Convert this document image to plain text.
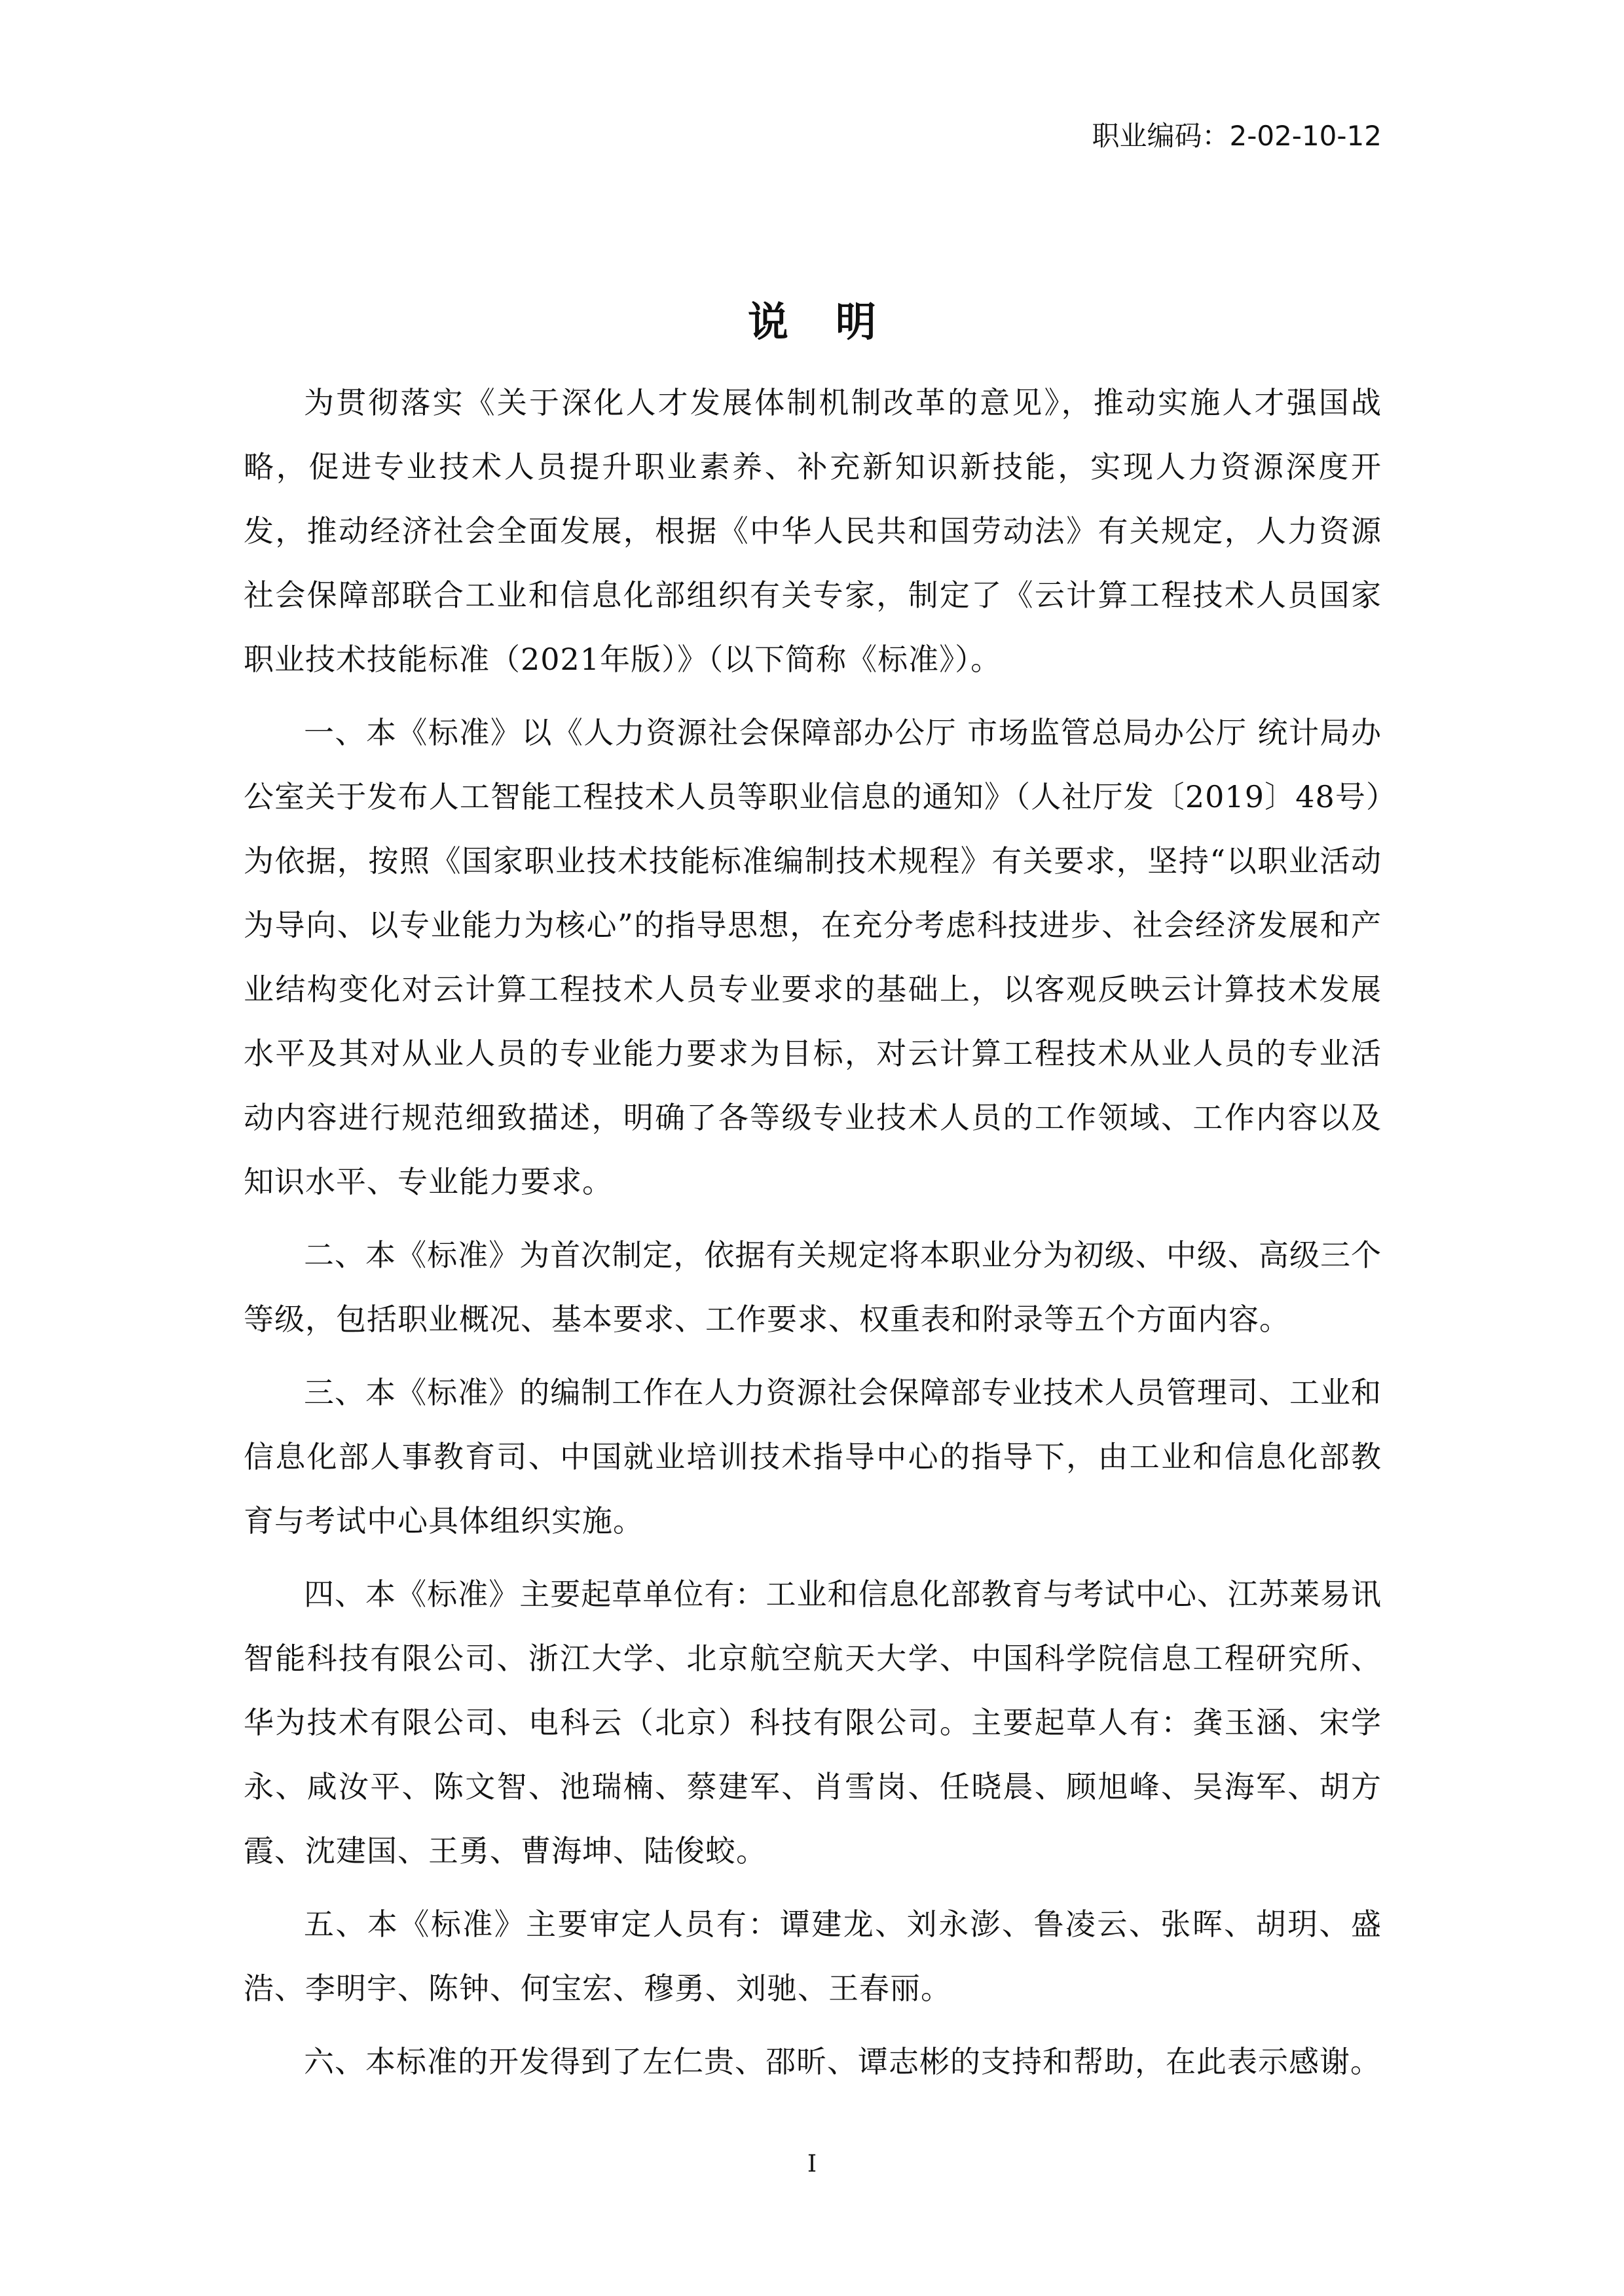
职业编码：2-02-10-12
说明

为贯彻落实《关于深化人才发展体制机制改革的意见》，推动实施人才强国战略，促进专业技术人员提升职业素养、补充新知识新技能，实现人力资源深度开发，推动经济社会全面发展，根据《中华人民共和国劳动法》有关规定，人力资源社会保障部联合工业和信息化部组织有关专家，制定了《云计算工程技术人员国家职业技术技能标准（2021年版）》（以下简称《标准》）。

一、本《标准》以《人力资源社会保障部办公厅 市场监管总局办公厅 统计局办公室关于发布人工智能工程技术人员等职业信息的通知》（人社厅发〔2019〕48号）为依据，按照《国家职业技术技能标准编制技术规程》有关要求，坚持“以职业活动为导向、以专业能力为核心”的指导思想，在充分考虑科技进步、社会经济发展和产业结构变化对云计算工程技术人员专业要求的基础上，以客观反映云计算技术发展水平及其对从业人员的专业能力要求为目标，对云计算工程技术从业人员的专业活动内容进行规范细致描述，明确了各等级专业技术人员的工作领域、工作内容以及知识水平、专业能力要求。

二、本《标准》为首次制定，依据有关规定将本职业分为初级、中级、高级三个等级，包括职业概况、基本要求、工作要求、权重表和附录等五个方面内容。

三、本《标准》的编制工作在人力资源社会保障部专业技术人员管理司、工业和信息化部人事教育司、中国就业培训技术指导中心的指导下，由工业和信息化部教育与考试中心具体组织实施。

四、本《标准》主要起草单位有：工业和信息化部教育与考试中心、江苏莱易讯智能科技有限公司、浙江大学、北京航空航天大学、中国科学院信息工程研究所、华为技术有限公司、电科云（北京）科技有限公司。主要起草人有：龚玉涵、宋学永、咸汝平、陈文智、池瑞楠、蔡建军、肖雪岗、任晓晨、顾旭峰、吴海军、胡方霞、沈建国、王勇、曹海坤、陆俊蛟。

五、本《标准》主要审定人员有：谭建龙、刘永澎、鲁凌云、张晖、胡玥、盛浩、李明宇、陈钟、何宝宏、穆勇、刘驰、王春丽。

六、本标准的开发得到了左仁贵、邵昕、谭志彬的支持和帮助，在此表示感谢。

I
